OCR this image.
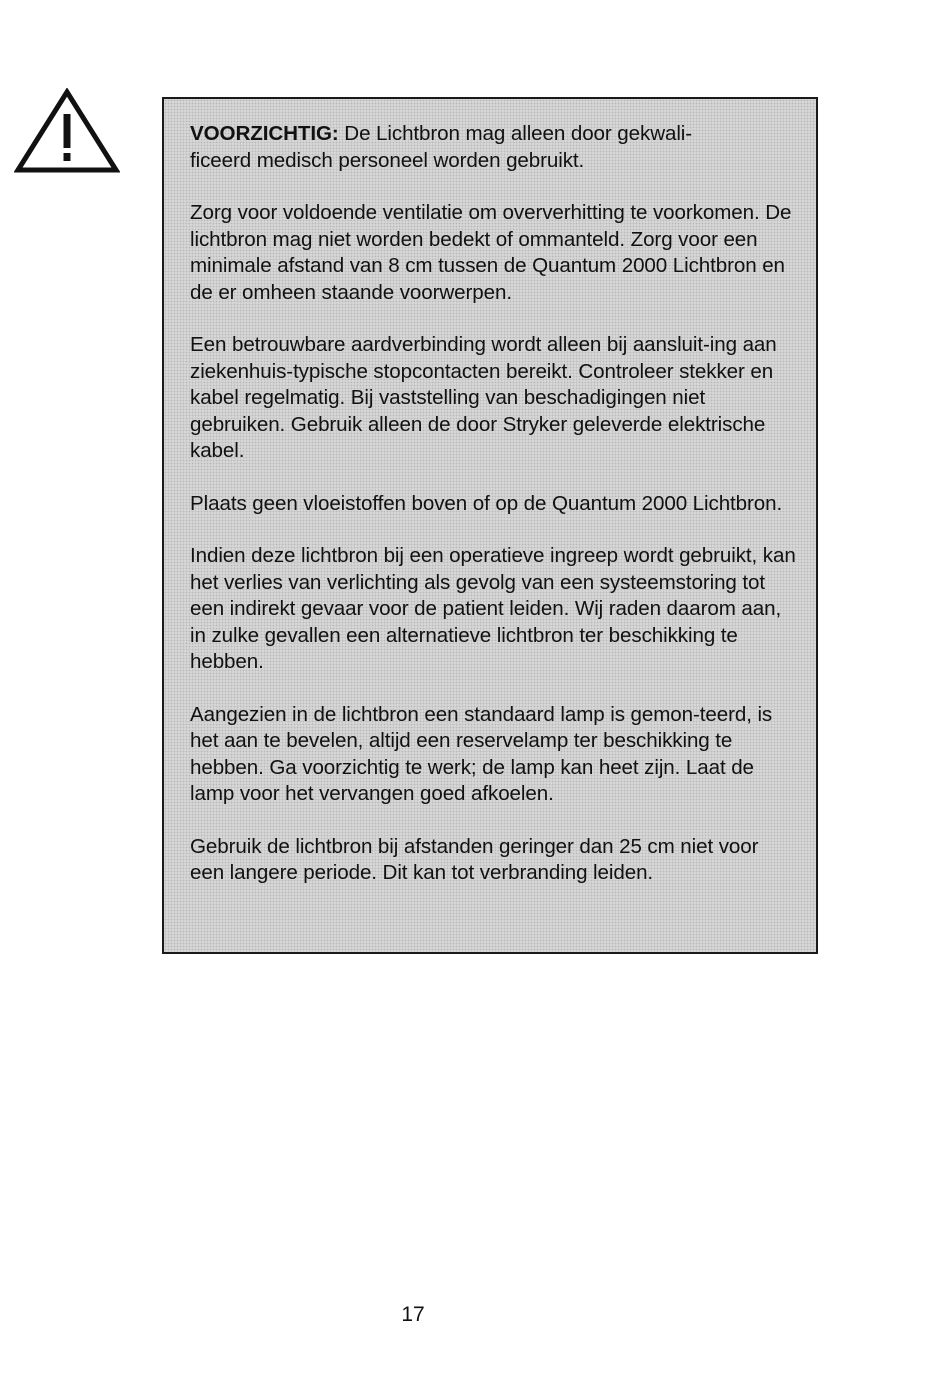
VOORZICHTIG: De Lichtbron mag alleen door gekwali-
ficeerd medisch personeel worden gebruikt.

Zorg voor voldoende ventilatie om oververhitting te voorkomen. De lichtbron mag niet worden bedekt of ommanteld. Zorg voor een minimale afstand van 8 cm tussen de Quantum 2000 Lichtbron en de er omheen staande voorwerpen.

Een betrouwbare aardverbinding wordt alleen bij aansluit-ing aan ziekenhuis-typische stopcontacten bereikt. Controleer stekker en kabel regelmatig. Bij vaststelling van beschadigingen niet gebruiken. Gebruik alleen de door Stryker geleverde elektrische kabel.

Plaats geen vloeistoffen boven of op de Quantum 2000 Lichtbron.

Indien deze lichtbron bij een operatieve ingreep wordt gebruikt, kan het verlies van verlichting als gevolg van een systeemstoring tot een indirekt gevaar voor de patient leiden. Wij raden daarom aan, in zulke gevallen een alternatieve lichtbron ter beschikking te hebben.

Aangezien in de lichtbron een standaard lamp is gemon-teerd, is het aan te bevelen, altijd een reservelamp ter beschikking te hebben. Ga voorzichtig te werk; de lamp kan heet zijn. Laat de lamp voor het vervangen goed afkoelen.

Gebruik de lichtbron bij afstanden geringer dan 25 cm niet voor een langere periode. Dit kan tot verbranding leiden.

17
